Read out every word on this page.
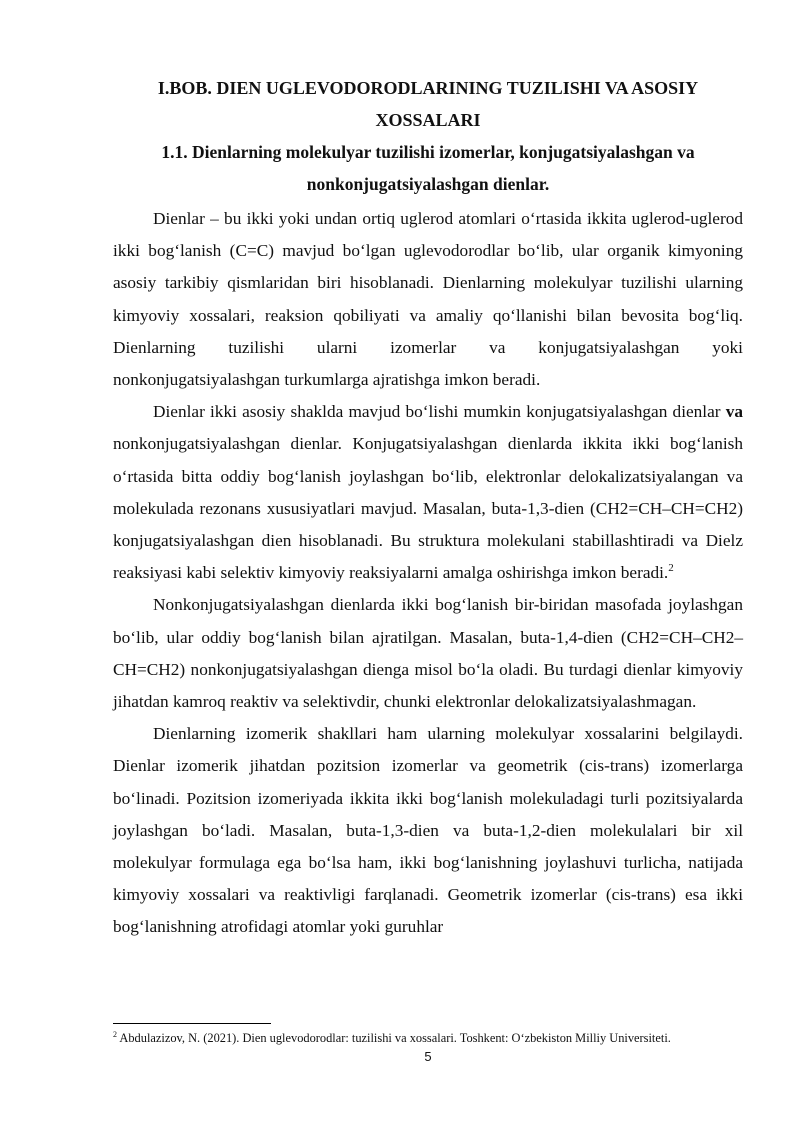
I.BOB. DIEN UGLEVODORODLARINING TUZILISHI VA ASOSIY XOSSALARI
1.1. Dienlarning molekulyar tuzilishi izomerlar, konjugatsiyalashgan va nonkonjugatsiyalashgan dienlar.

Dienlar – bu ikki yoki undan ortiq uglerod atomlari o‘rtasida ikkita uglerod-uglerod ikki bog‘lanish (C=C) mavjud bo‘lgan uglevodorodlar bo‘lib, ular organik kimyoning asosiy tarkibiy qismlaridan biri hisoblanadi. Dienlarning molekulyar tuzilishi ularning kimyoviy xossalari, reaksion qobiliyati va amaliy qo‘llanishi bilan bevosita bog‘liq. Dienlarning tuzilishi ularni izomerlar va konjugatsiyalashgan yoki nonkonjugatsiyalashgan turkumlarga ajratishga imkon beradi.

Dienlar ikki asosiy shaklda mavjud bo‘lishi mumkin konjugatsiyalashgan dienlar va nonkonjugatsiyalashgan dienlar. Konjugatsiyalashgan dienlarda ikkita ikki bog‘lanish o‘rtasida bitta oddiy bog‘lanish joylashgan bo‘lib, elektronlar delokalizatsiyalangan va molekulada rezonans xususiyatlari mavjud. Masalan, buta-1,3-dien (CH2=CH–CH=CH2) konjugatsiyalashgan dien hisoblanadi. Bu struktura molekulani stabillashtiradi va Dielz reaksiyasi kabi selektiv kimyoviy reaksiyalarni amalga oshirishga imkon beradi.$^2$

Nonkonjugatsiyalashgan dienlarda ikki bog‘lanish bir-biridan masofada joylashgan bo‘lib, ular oddiy bog‘lanish bilan ajratilgan. Masalan, buta-1,4-dien (CH2=CH–CH2–CH=CH2) nonkonjugatsiyalashgan dienga misol bo‘la oladi. Bu turdagi dienlar kimyoviy jihatdan kamroq reaktiv va selektivdir, chunki elektronlar delokalizatsiyalashmagan.

Dienlarning izomerik shakllari ham ularning molekulyar xossalarini belgilaydi. Dienlar izomerik jihatdan pozitsion izomerlar va geometrik (cis-trans) izomerlarga bo‘linadi. Pozitsion izomeriyada ikkita ikki bog‘lanish molekuladagi turli pozitsiyalarda joylashgan bo‘ladi. Masalan, buta-1,3-dien va buta-1,2-dien molekulalari bir xil molekulyar formulaga ega bo‘lsa ham, ikki bog‘lanishning joylashuvi turlicha, natijada kimyoviy xossalari va reaktivligi farqlanadi. Geometrik izomerlar (cis-trans) esa ikki bog‘lanishning atrofidagi atomlar yoki guruhlar

$^2$ Abdulazizov, N. (2021). Dien uglevodorodlar: tuzilishi va xossalari. Toshkent: O‘zbekiston Milliy Universiteti.
5
